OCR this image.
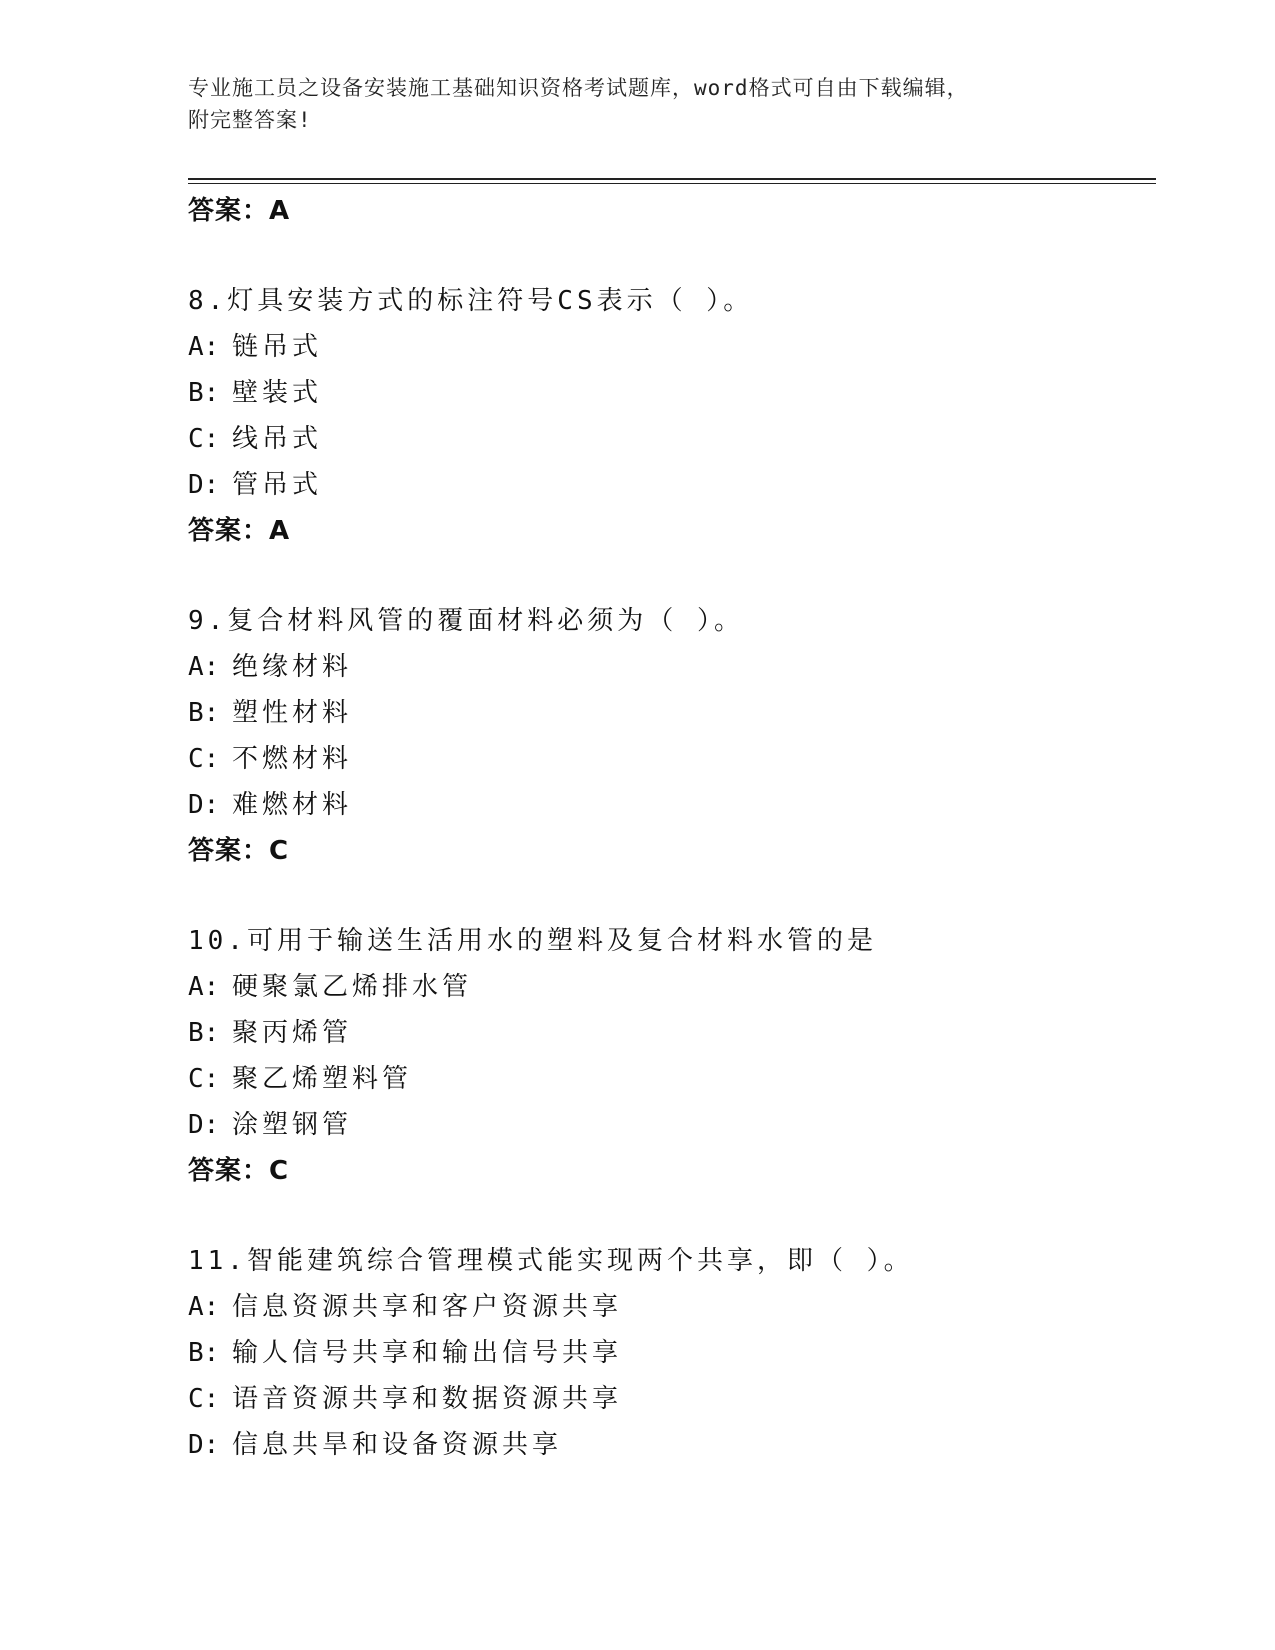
专业施工员之设备安装施工基础知识资格考试题库，word格式可自由下载编辑，
附完整答案!
答案：A
8.灯具安装方式的标注符号CS表示（ ）。
A: 链吊式
B: 壁装式
C: 线吊式
D: 管吊式
答案：A
9.复合材料风管的覆面材料必须为（ ）。
A: 绝缘材料
B: 塑性材料
C: 不燃材料
D: 难燃材料
答案：C
10.可用于输送生活用水的塑料及复合材料水管的是
A: 硬聚氯乙烯排水管
B: 聚丙烯管
C: 聚乙烯塑料管
D: 涂塑钢管
答案：C
11.智能建筑综合管理模式能实现两个共享，即（ ）。
A: 信息资源共享和客户资源共享
B: 输人信号共享和输出信号共享
C: 语音资源共享和数据资源共享
D: 信息共旱和设备资源共享
